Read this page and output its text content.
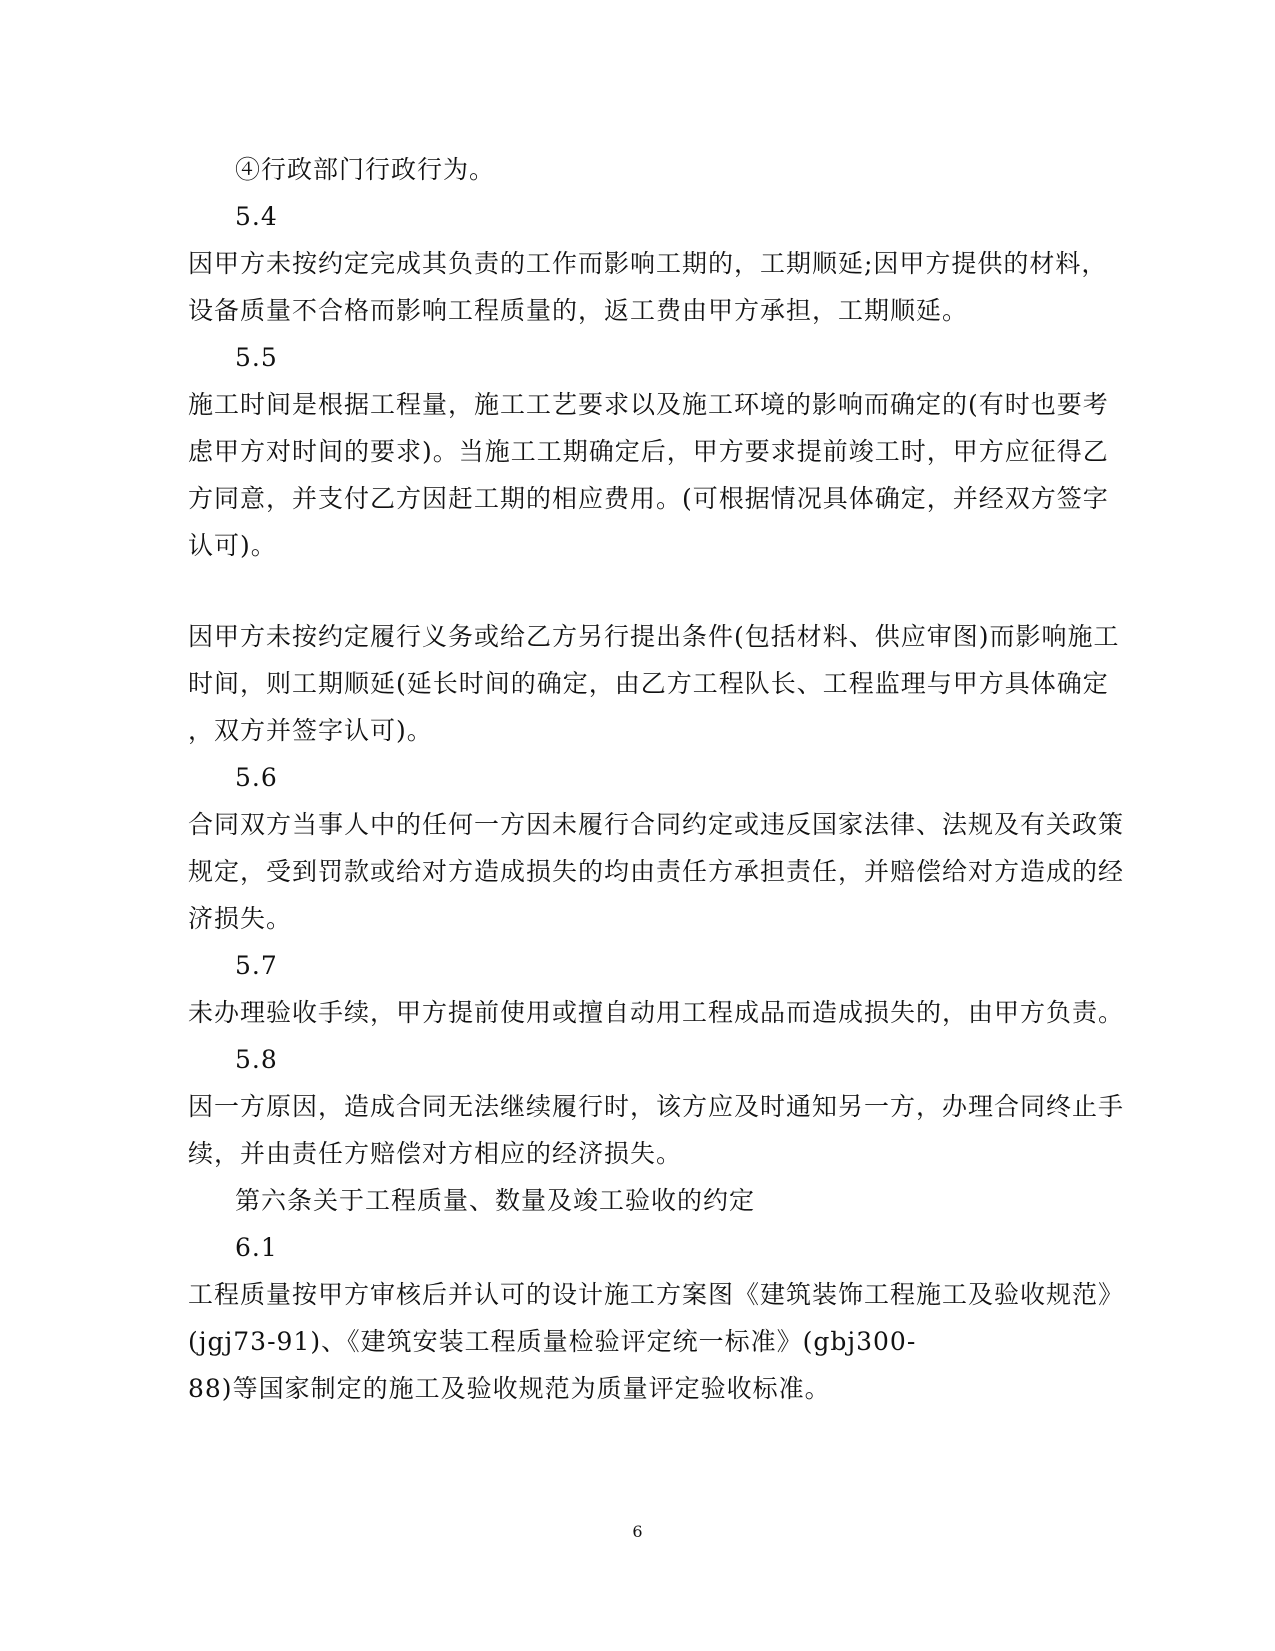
④行政部门行政行为。
5.4
因甲方未按约定完成其负责的工作而影响工期的，工期顺延;因甲方提供的材料，
设备质量不合格而影响工程质量的，返工费由甲方承担，工期顺延。
5.5
施工时间是根据工程量，施工工艺要求以及施工环境的影响而确定的(有时也要考
虑甲方对时间的要求)。当施工工期确定后，甲方要求提前竣工时，甲方应征得乙
方同意，并支付乙方因赶工期的相应费用。(可根据情况具体确定，并经双方签字
认可)。
因甲方未按约定履行义务或给乙方另行提出条件(包括材料、供应审图)而影响施工
时间，则工期顺延(延长时间的确定，由乙方工程队长、工程监理与甲方具体确定
，双方并签字认可)。
5.6
合同双方当事人中的任何一方因未履行合同约定或违反国家法律、法规及有关政策
规定，受到罚款或给对方造成损失的均由责任方承担责任，并赔偿给对方造成的经
济损失。
5.7
未办理验收手续，甲方提前使用或擅自动用工程成品而造成损失的，由甲方负责。
5.8
因一方原因，造成合同无法继续履行时，该方应及时通知另一方，办理合同终止手
续，并由责任方赔偿对方相应的经济损失。
第六条关于工程质量、数量及竣工验收的约定
6.1
工程质量按甲方审核后并认可的设计施工方案图《建筑装饰工程施工及验收规范》
(jgj73-91)、《建筑安装工程质量检验评定统一标准》(gbj300-
88)等国家制定的施工及验收规范为质量评定验收标准。
6
